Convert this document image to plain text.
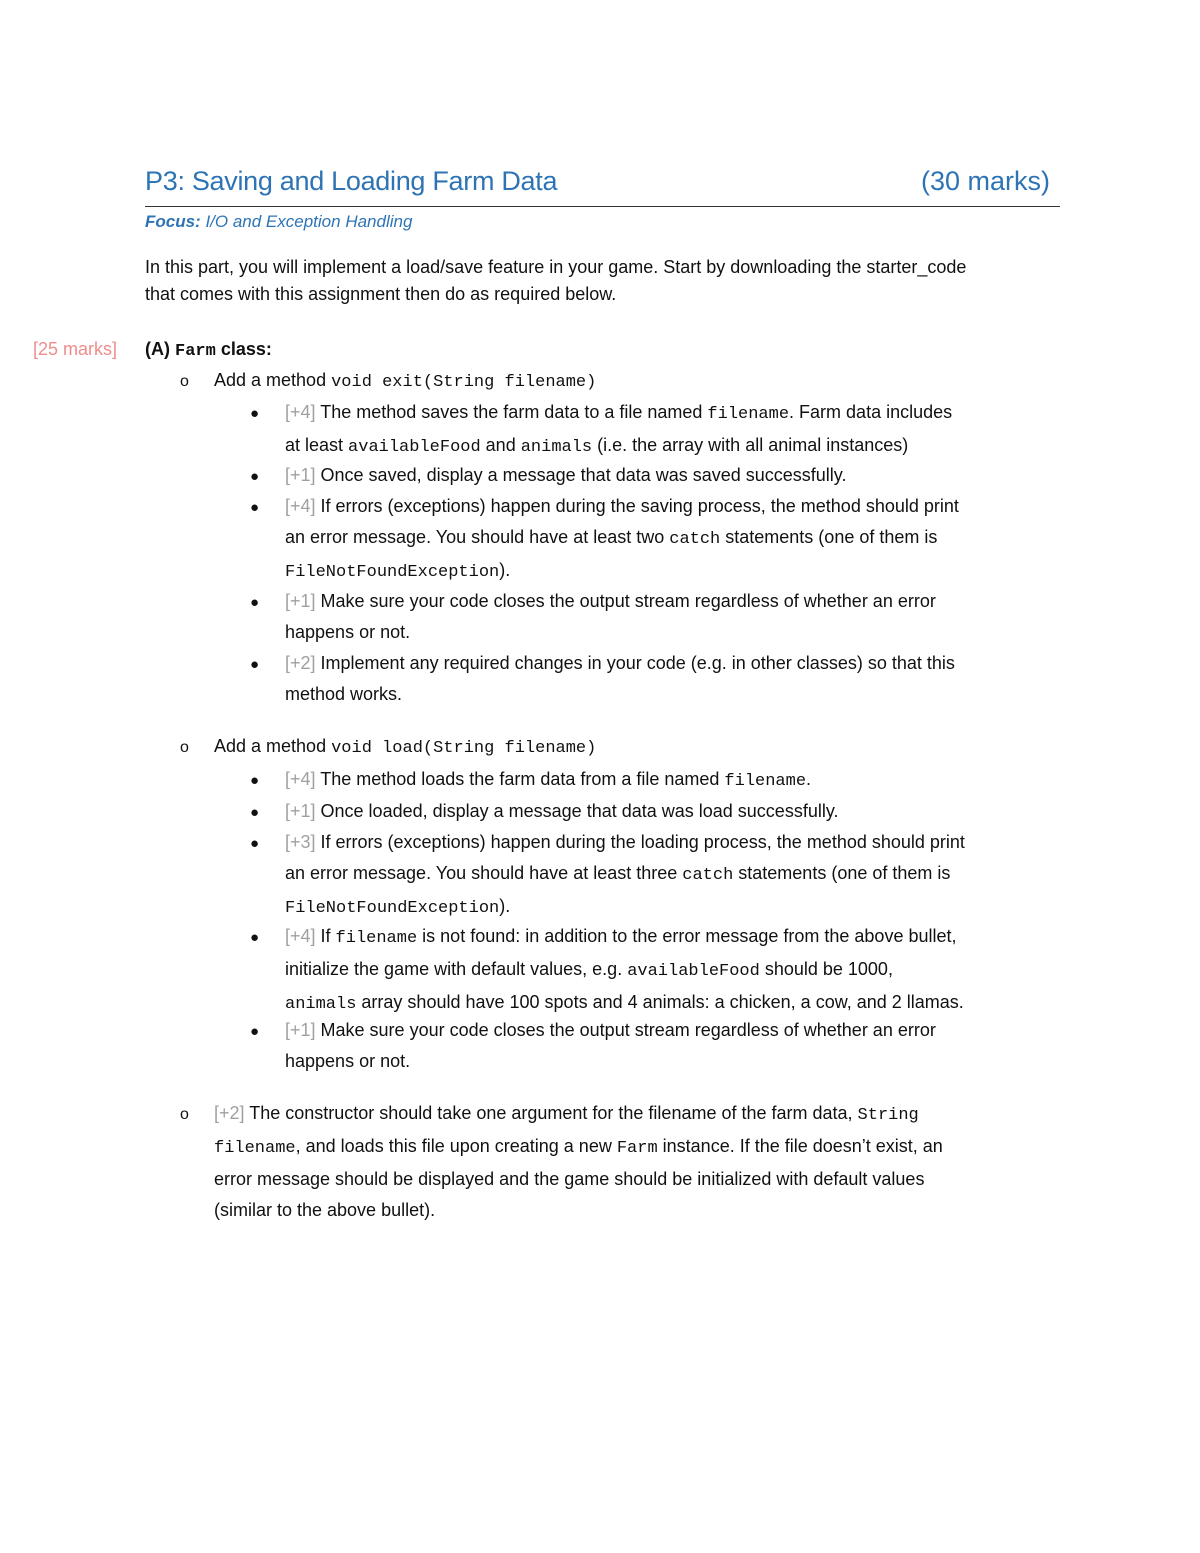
P3: Saving and Loading Farm Data	(30 marks)
Focus: I/O and Exception Handling
In this part, you will implement a load/save feature in your game. Start by downloading the starter_code
that comes with this assignment then do as required below.
[25 marks] (A) Farm class:
o Add a method void exit(String filename)
● [+4] The method saves the farm data to a file named filename. Farm data includes
at least availableFood and animals (i.e. the array with all animal instances)
● [+1] Once saved, display a message that data was saved successfully.
● [+4] If errors (exceptions) happen during the saving process, the method should print
an error message. You should have at least two catch statements (one of them is
FileNotFoundException).
● [+1] Make sure your code closes the output stream regardless of whether an error
happens or not.
● [+2] Implement any required changes in your code (e.g. in other classes) so that this
method works.
o Add a method void load(String filename)
● [+4] The method loads the farm data from a file named filename.
● [+1] Once loaded, display a message that data was load successfully.
● [+3] If errors (exceptions) happen during the loading process, the method should print
an error message. You should have at least three catch statements (one of them is
FileNotFoundException).
● [+4] If filename is not found: in addition to the error message from the above bullet,
initialize the game with default values, e.g. availableFood should be 1000,
animals array should have 100 spots and 4 animals: a chicken, a cow, and 2 llamas.
● [+1] Make sure your code closes the output stream regardless of whether an error
happens or not.
o [+2] The constructor should take one argument for the filename of the farm data, String
filename, and loads this file upon creating a new Farm instance. If the file doesn’t exist, an
error message should be displayed and the game should be initialized with default values
(similar to the above bullet).
